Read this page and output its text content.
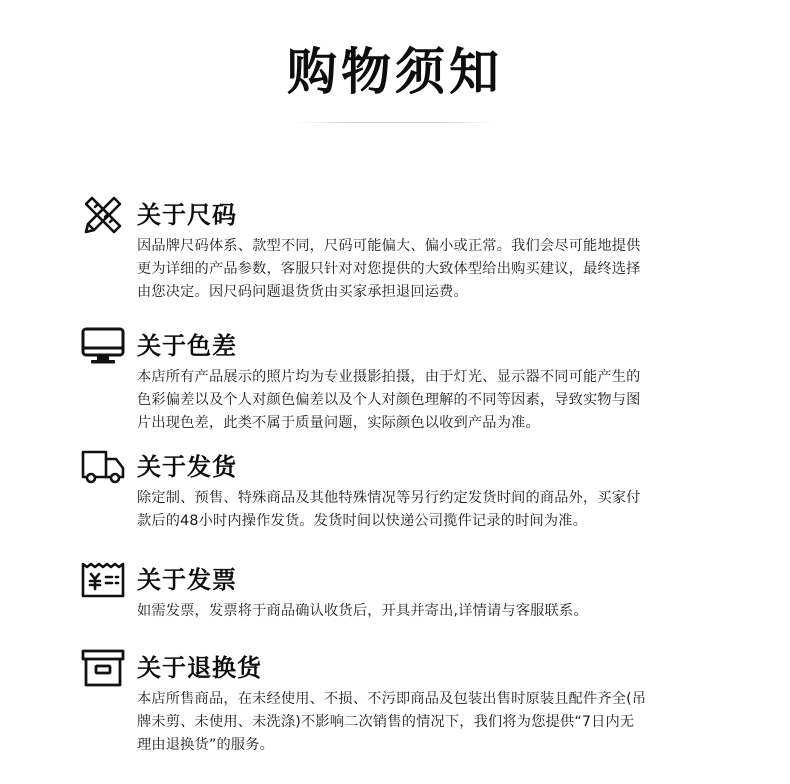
购物须知
关于尺码
因品牌尺码体系、款型不同，尺码可能偏大、偏小或正常。我们会尽可能地提供
更为详细的产品参数，客服只针对对您提供的大致体型给出购买建议，最终选择
由您决定。因尺码问题退货货由买家承担退回运费。
关于色差
本店所有产品展示的照片均为专业摄影拍摄，由于灯光、显示器不同可能产生的
色彩偏差以及个人对颜色偏差以及个人对颜色理解的不同等因素，导致实物与图
片出现色差，此类不属于质量问题，实际颜色以收到产品为准。
关于发货
除定制、预售、特殊商品及其他特殊情况等另行约定发货时间的商品外，买家付
款后的48小时内操作发货。发货时间以快递公司揽件记录的时间为准。
关于发票
如需发票，发票将于商品确认收货后，开具并寄出,详情请与客服联系。
关于退换货
本店所售商品，在未经使用、不损、不污即商品及包装出售时原装且配件齐全(吊
牌未剪、未使用、未洗涤)不影响二次销售的情况下，我们将为您提供“7日内无
理由退换货”的服务。
